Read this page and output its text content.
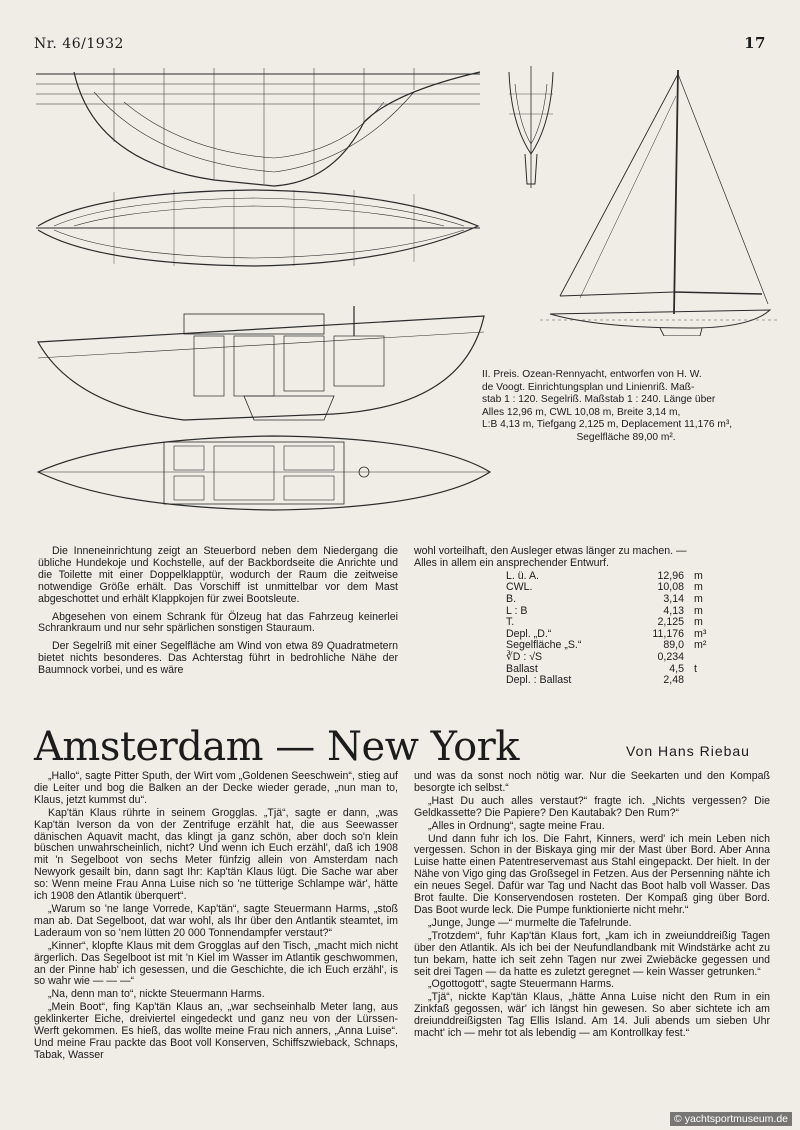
Nr. 46/1932	17
II. Preis. Ozean-Rennyacht, entworfen von H. W.
de Voogt. Einrichtungsplan und Linienriß. Maß-
stab 1 : 120. Segelriß. Maßstab 1 : 240. Länge über
Alles 12,96 m, CWL 10,08 m, Breite 3,14 m,
L:B 4,13 m, Tiefgang 2,125 m, Deplacement 11,176 m³,
Segelfläche 89,00 m².

Die Inneneinrichtung zeigt an Steuerbord neben dem Niedergang die übliche Hundekoje und Kochstelle, auf der Backbordseite die Anrichte und die Toilette mit einer Doppelklapptür, wodurch der Raum die zeitweise notwendige Größe erhält. Das Vorschiff ist unmittelbar vor dem Mast abgeschottet und erhält Klappkojen für zwei Bootsleute.

Abgesehen von einem Schrank für Ölzeug hat das Fahrzeug keinerlei Schrankraum und nur sehr spärlichen sonstigen Stauraum.

Der Segelriß mit einer Segelfläche am Wind von etwa 89 Quadratmetern bietet nichts besonderes. Das Achterstag führt in bedrohliche Nähe der Baumnock vorbei, und es wäre

wohl vorteilhaft, den Ausleger etwas länger zu machen. —

Alles in allem ein ansprechender Entwurf.

L. ü. A.	12,96	m
CWL.	10,08	m
B.	3,14	m
L : B	4,13	m
T.	2,125	m
Depl. „D.“	11,176	m³
Segelfläche „S.“	89,0	m²
∛D : √S	0,234	
Ballast	4,5	t
Depl. : Ballast	2,48	
Amsterdam — New York	Von Hans Riebau

„Hallo“, sagte Pitter Sputh, der Wirt vom „Goldenen Seeschwein“, stieg auf die Leiter und bog die Balken an der Decke wieder gerade, „nun man to, Klaus, jetzt kummst du“.

Kap'tän Klaus rührte in seinem Grogglas. „Tjä“, sagte er dann, „was Kap'tän Iverson da von der Zentrifuge erzählt hat, die aus Seewasser dänischen Aquavit macht, das klingt ja ganz schön, aber doch so'n klein büschen unwahrscheinlich, nicht? Und wenn ich Euch erzähl', daß ich 1908 mit 'n Segelboot von sechs Meter fünfzig allein von Amsterdam nach Newyork gesailt bin, dann sagt Ihr: Kap'tän Klaus lügt. Die Sache war aber so: Wenn meine Frau Anna Luise nich so 'ne tütterige Schlampe wär', hätte ich 1908 den Atlantik überquert“.

„Warum so 'ne lange Vorrede, Kap'tän“, sagte Steuermann Harms, „stoß man ab. Dat Segelboot, dat war wohl, als Ihr über den Antlantik steamtet, im Laderaum von so 'nem lütten 20 000 Tonnendampfer verstaut?“

„Kinner“, klopfte Klaus mit dem Grogglas auf den Tisch, „macht mich nicht ärgerlich. Das Segelboot ist mit 'n Kiel im Wasser im Atlantik geschwommen, an der Pinne hab' ich gesessen, und die Geschichte, die ich Euch erzähl', is so wahr wie — — —“

„Na, denn man to“, nickte Steuermann Harms.

„Mein Boot“, fing Kap'tän Klaus an, „war sechseinhalb Meter lang, aus geklinkerter Eiche, dreiviertel eingedeckt und ganz neu von der Lürssen-Werft gekommen. Es hieß, das wollte meine Frau nich anners, „Anna Luise“. Und meine Frau packte das Boot voll Konserven, Schiffszwieback, Schnaps, Tabak, Wasser

und was da sonst noch nötig war. Nur die Seekarten und den Kompaß besorgte ich selbst.“

„Hast Du auch alles verstaut?“ fragte ich. „Nichts vergessen? Die Geldkassette? Die Papiere? Den Kautabak? Den Rum?“

„Alles in Ordnung“, sagte meine Frau.

Und dann fuhr ich los. Die Fahrt, Kinners, werd' ich mein Leben nich vergessen. Schon in der Biskaya ging mir der Mast über Bord. Aber Anna Luise hatte einen Patentreservemast aus Stahl eingepackt. Der hielt. In der Nähe von Vigo ging das Großsegel in Fetzen. Aus der Persenning nähte ich ein neues Segel. Dafür war Tag und Nacht das Boot halb voll Wasser. Das Brot faulte. Die Konservendosen rosteten. Der Kompaß ging über Bord. Das Boot wurde leck. Die Pumpe funktionierte nicht mehr.“

„Junge, Junge —“ murmelte die Tafelrunde.

„Trotzdem“, fuhr Kap'tän Klaus fort, „kam ich in zweiunddreißig Tagen über den Atlantik. Als ich bei der Neufundlandbank mit Windstärke acht zu tun bekam, hatte ich seit zehn Tagen nur zwei Zwiebäcke gegessen und seit drei Tagen — da hatte es zuletzt geregnet — kein Wasser getrunken.“

„Ogottogott“, sagte Steuermann Harms.

„Tjä“, nickte Kap'tän Klaus, „hätte Anna Luise nicht den Rum in ein Zinkfaß gegossen, wär' ich längst hin gewesen. So aber sichtete ich am dreiunddreißigsten Tag Ellis Island. Am 14. Juli abends um sieben Uhr macht' ich — mehr tot als lebendig — am Kontrollkay fest.“

© yachtsportmuseum.de
